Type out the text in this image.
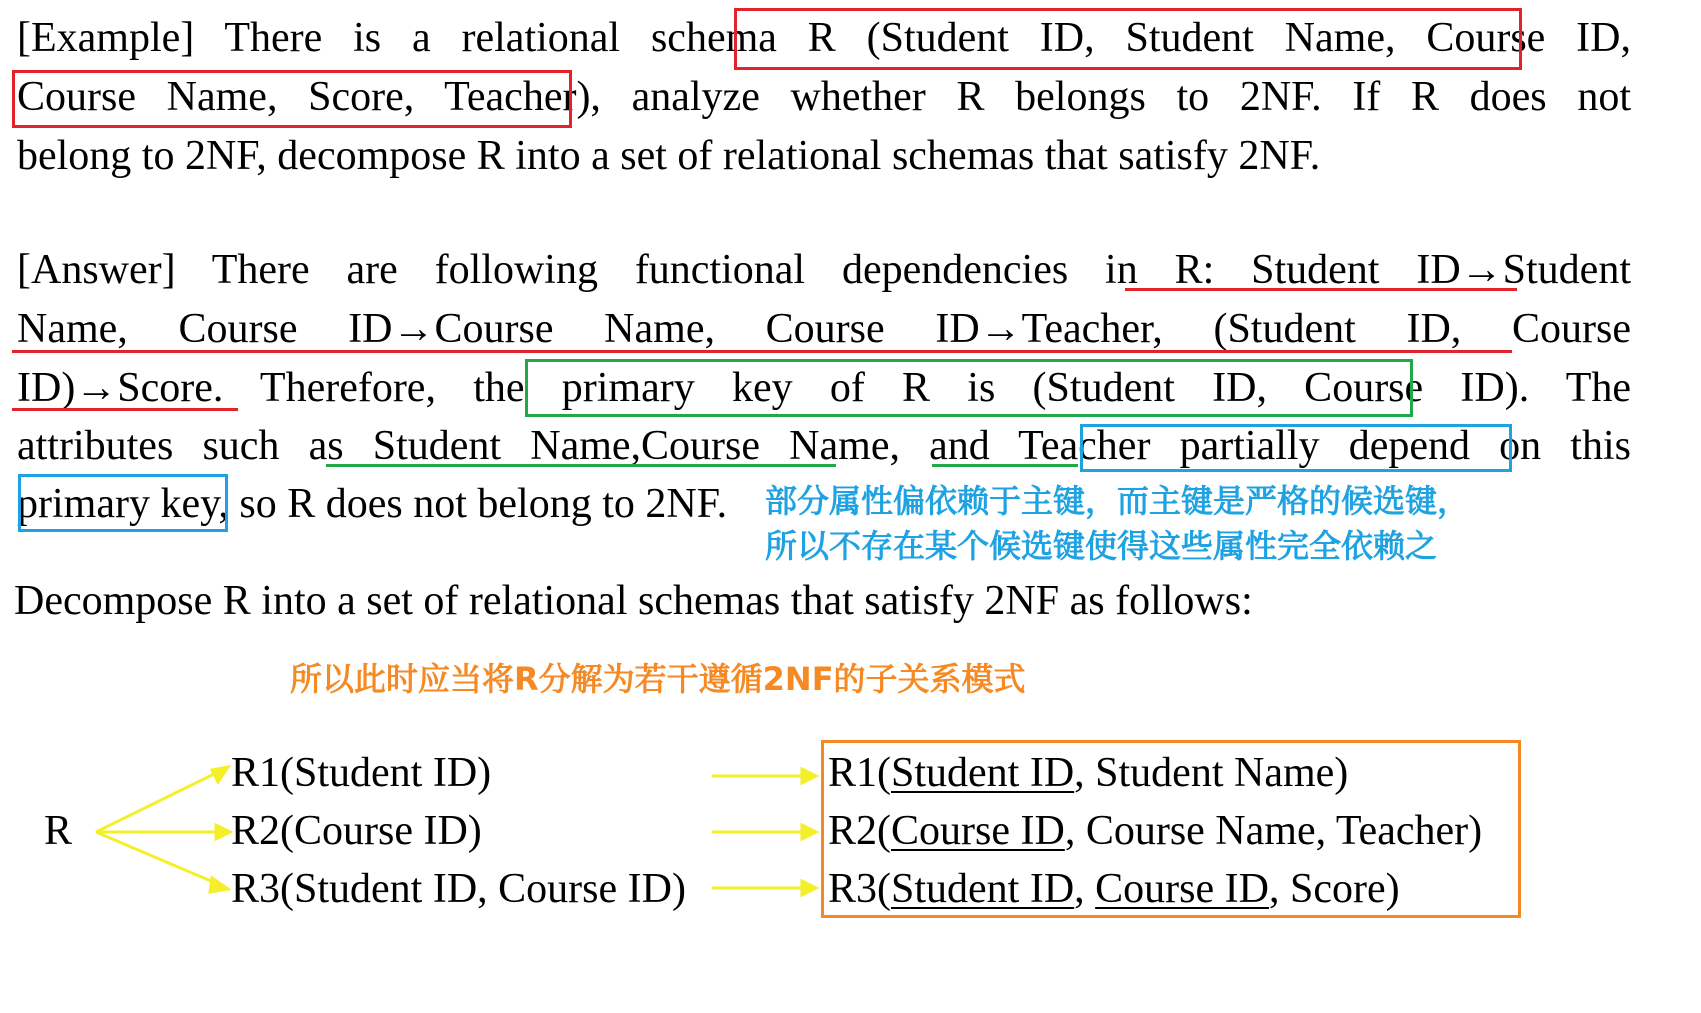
[Example] There is a relational schema R (Student ID, Student Name, Course ID,
Course Name, Score, Teacher), analyze whether R belongs to 2NF. If R does not
belong to 2NF, decompose R into a set of relational schemas that satisfy 2NF.
[Answer] There are following functional dependencies in R: Student ID→Student
Name, Course ID→Course Name, Course ID→Teacher, (Student ID, Course
ID)→Score. Therefore, the primary key of R is (Student ID, Course ID). The
attributes such as Student Name,Course Name, and Teacher partially depend on this
primary key, so R does not belong to 2NF.	部分属性偏依赖于主键，而主键是严格的候选键，
所以不存在某个候选键使得这些属性完全依赖之
Decompose R into a set of relational schemas that satisfy 2NF as follows:
所以此时应当将R分解为若干遵循2NF的子关系模式
R
R1(Student ID)
R2(Course ID)
R3(Student ID, Course ID)
R1(Student ID, Student Name)
R2(Course ID, Course Name, Teacher)
R3(Student ID, Course ID, Score)
